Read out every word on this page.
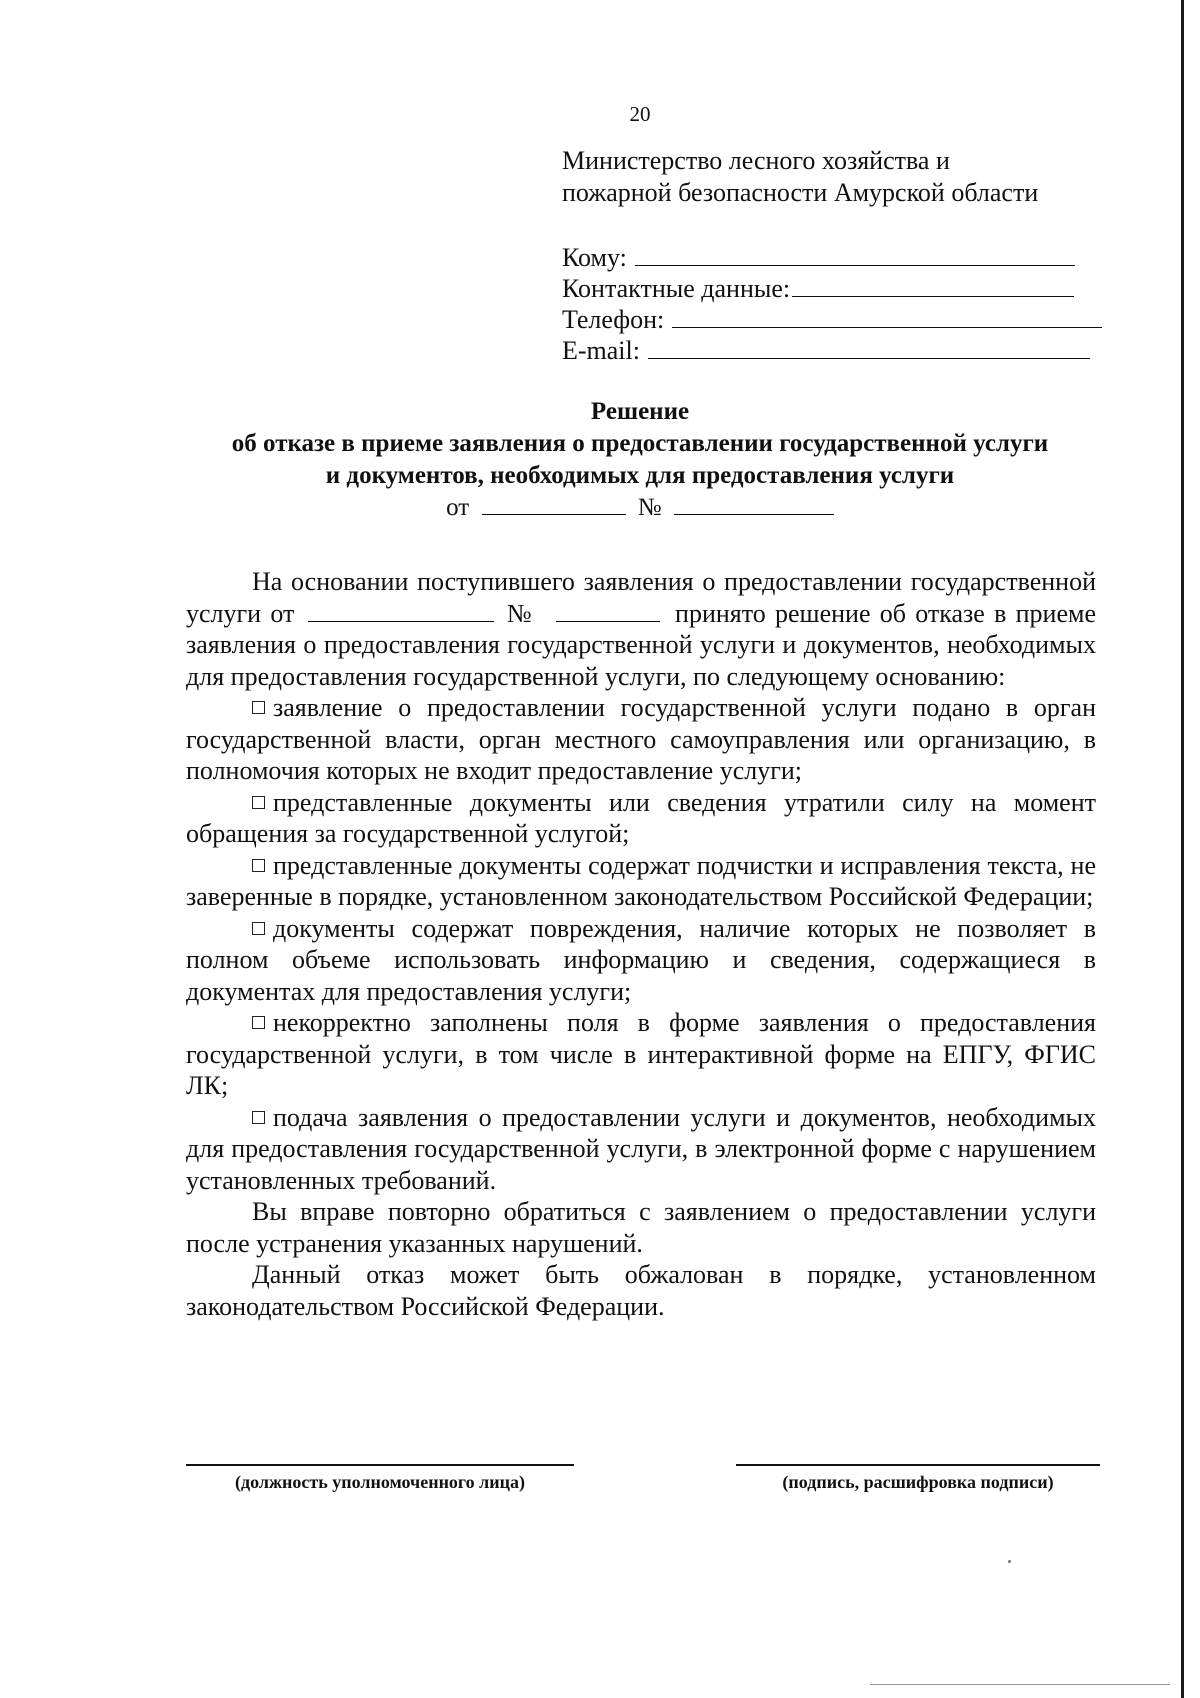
20
Министерство лесного хозяйства и
пожарной безопасности Амурской области
Кому:
Контактные данные:
Телефон:
E-mail:
Решение
об отказе в приеме заявления о предоставлении государственной услуги
и документов, необходимых для предоставления услуги
от	№

На основании поступившего заявления о предоставлении государственной услуги от	№	принято решение об отказе в приеме заявления о предоставления государственной услуги и документов, необходимых для предоставления государственной услуги, по следующему основанию:

заявление о предоставлении государственной услуги подано в орган государственной власти, орган местного самоуправления или организацию, в полномочия которых не входит предоставление услуги;

представленные документы или сведения утратили силу на момент обращения за государственной услугой;

представленные документы содержат подчистки и исправления текста, не заверенные в порядке, установленном законодательством Российской Федерации;

документы содержат повреждения, наличие которых не позволяет в полном объеме использовать информацию и сведения, содержащиеся в документах для предоставления услуги;

некорректно заполнены поля в форме заявления о предоставления государственной услуги, в том числе в интерактивной форме на ЕПГУ, ФГИС ЛК;

подача заявления о предоставлении услуги и документов, необходимых для предоставления государственной услуги, в электронной форме с нарушением установленных требований.

Вы вправе повторно обратиться с заявлением о предоставлении услуги после устранения указанных нарушений.

Данный отказ может быть обжалован в порядке, установленном законодательством Российской Федерации.

(должность уполномоченного лица)	(подпись, расшифровка подписи)
